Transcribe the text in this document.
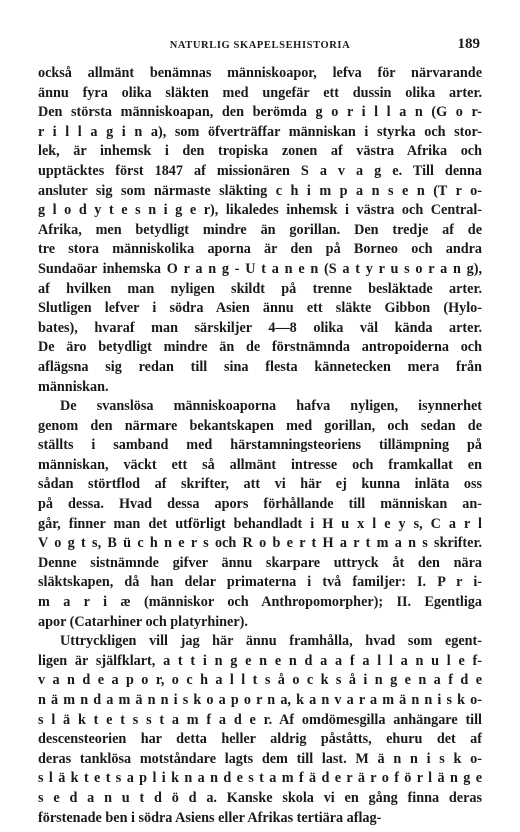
NATURLIG SKAPELSEHISTORIA	189

också allmänt benämnas människoapor, lefva för närvarande
ännu fyra olika släkten med ungefär ett dussin olika arter.
Den största människoapan, den berömda g o r i l l a n (G o r-
r i l l a g i n a), som öfverträffar människan i styrka och stor-
lek, är inhemsk i den tropiska zonen af västra Afrika och
upptäcktes först 1847 af missionären S a v a g e. Till denna
ansluter sig som närmaste släkting c h i m p a n s e n (T r o-
g l o d y t e s n i g e r), likaledes inhemsk i västra och Central-
Afrika, men betydligt mindre än gorillan. Den tredje af de
tre stora människolika aporna är den på Borneo och andra
Sundaöar inhemska O r a n g - U t a n e n (S a t y r u s o r a n g),
af hvilken man nyligen skildt på trenne besläktade arter.
Slutligen lefver i södra Asien ännu ett släkte Gibbon (Hylo-
bates), hvaraf man särskiljer 4—8 olika väl kända arter.
De äro betydligt mindre än de förstnämnda antropoiderna och
aflägsna sig redan till sina flesta kännetecken mera från
människan.

De svanslösa människoaporna hafva nyligen, isynnerhet
genom den närmare bekantskapen med gorillan, och sedan de
ställts i samband med härstamningsteoriens tillämpning på
människan, väckt ett så allmänt intresse och framkallat en
sådan störtflod af skrifter, att vi här ej kunna inläta oss
på dessa. Hvad dessa apors förhållande till människan an-
går, finner man det utförligt behandladt i H u x l e y s, C a r l
V o g t s, B ü c h n e r s och R o b e r t H a r t m a n s skrifter.
Denne sistnämnde gifver ännu skarpare uttryck åt den nära
släktskapen, då han delar primaterna i två familjer: I. P r i-
m a r i æ (människor och Anthropomorpher); II. Egentliga
apor (Catarhiner och platyrhiner).

Uttryckligen vill jag här ännu framhålla, hvad som egent-
ligen är själfklart, a t t i n g e n e n d a a f a l l a n u l e f-
v a n d e a p o r, o c h a l l t s å o c k s å i n g e n a f d e
n ä m n d a m ä n n i s k o a p o r n a, k a n v a r a m ä n n i s k o-
s l ä k t e t s s t a m f a d e r. Af omdömesgilla anhängare till
descensteorien har detta heller aldrig påståtts, ehuru det af
deras tanklösa motståndare lagts dem till last. M ä n n i s k o-
s l ä k t e t s a p l i k n a n d e s t a m f ä d e r ä r o f ö r l ä n g e
s e d a n u t d ö d a. Kanske skola vi en gång finna deras
förstenade ben i södra Asiens eller Afrikas tertiära aflag-
